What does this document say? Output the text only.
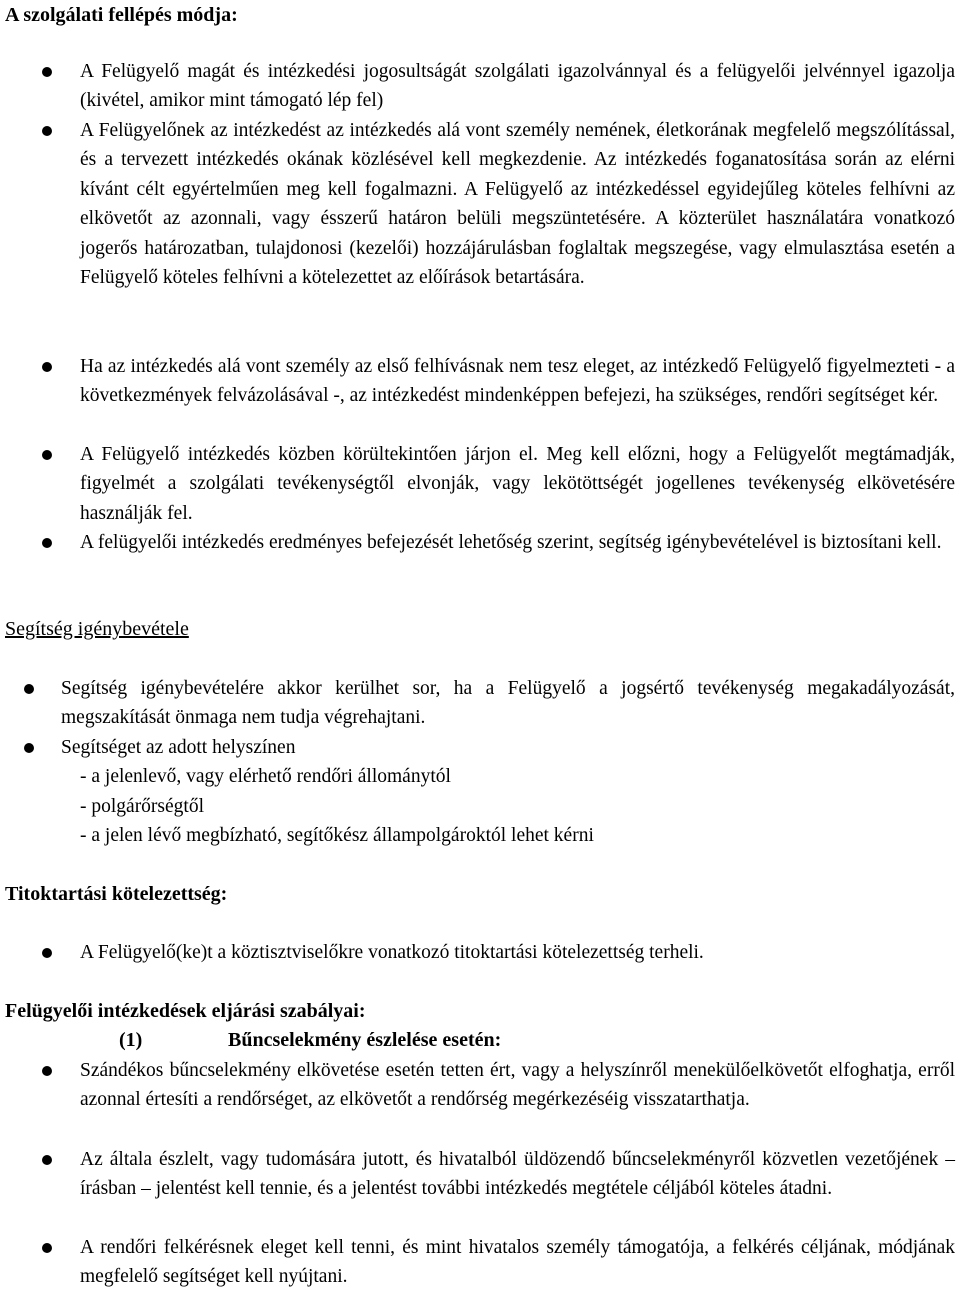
A szolgálati fellépés módja:
A Felügyelő magát és intézkedési jogosultságát szolgálati igazolvánnyal és a felügyelői jelvénnyel igazolja (kivétel, amikor mint támogató lép fel)
A Felügyelőnek az intézkedést az intézkedés alá vont személy nemének, életkorának megfelelő megszólítással, és a tervezett intézkedés okának közlésével kell megkezdenie. Az intézkedés foganatosítása során az elérni kívánt célt egyértelműen meg kell fogalmazni. A Felügyelő az intézkedéssel egyidejűleg köteles felhívni az elkövetőt az azonnali, vagy ésszerű határon belüli megszüntetésére. A közterület használatára vonatkozó jogerős határozatban, tulajdonosi (kezelői) hozzájárulásban foglaltak megszegése, vagy elmulasztása esetén a Felügyelő köteles felhívni a kötelezettet az előírások betartására.
Ha az intézkedés alá vont személy az első felhívásnak nem tesz eleget, az intézkedő Felügyelő figyelmezteti - a következmények felvázolásával -, az intézkedést mindenképpen befejezi, ha szükséges, rendőri segítséget kér.
A Felügyelő intézkedés közben körültekintően járjon el. Meg kell előzni, hogy a Felügyelőt megtámadják, figyelmét a szolgálati tevékenységtől elvonják, vagy lekötöttségét jogellenes tevékenység elkövetésére használják fel.
A felügyelői intézkedés eredményes befejezését lehetőség szerint, segítség igénybevételével is biztosítani kell.
Segítség igénybevétele
Segítség igénybevételére akkor kerülhet sor, ha a Felügyelő a jogsértő tevékenység megakadályozását, megszakítását önmaga nem tudja végrehajtani.
Segítséget az adott helyszínen
- a jelenlevő, vagy elérhető rendőri állománytól
- polgárőrségtől
- a jelen lévő megbízható, segítőkész állampolgároktól lehet kérni
Titoktartási kötelezettség:
A Felügyelő(ke)t a köztisztviselőkre vonatkozó titoktartási kötelezettség terheli.
Felügyelői intézkedések eljárási szabályai:
(1)	Bűncselekmény észlelése esetén:
Szándékos bűncselekmény elkövetése esetén tetten ért, vagy a helyszínről menekülőelkövetőt elfoghatja, erről azonnal értesíti a rendőrséget, az elkövetőt a rendőrség megérkezéséig visszatarthatja.
Az általa észlelt, vagy tudomására jutott, és hivatalból üldözendő bűncselekményről közvetlen vezetőjének – írásban – jelentést kell tennie, és a jelentést további intézkedés megtétele céljából köteles átadni.
A rendőri felkérésnek eleget kell tenni, és mint hivatalos személy támogatója, a felkérés céljának, módjának megfelelő segítséget kell nyújtani.
